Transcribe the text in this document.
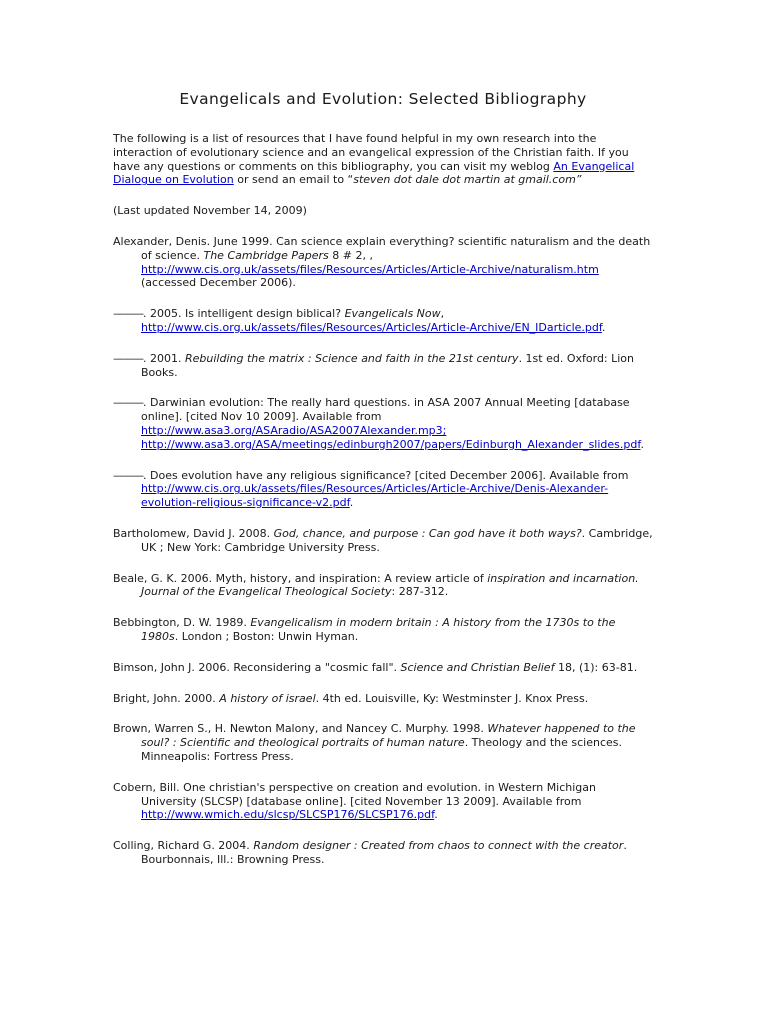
Evangelicals and Evolution: Selected Bibliography

The following is a list of resources that I have found helpful in my own research into the interaction of evolutionary science and an evangelical expression of the Christian faith. If you have any questions or comments on this bibliography, you can visit my weblog An Evangelical Dialogue on Evolution or send an email to “steven dot dale dot martin at gmail.com”

(Last updated November 14, 2009)

Alexander, Denis. June 1999. Can science explain everything? scientific naturalism and the death of science. The Cambridge Papers 8 # 2, , http://www.cis.org.uk/assets/files/Resources/Articles/Article-Archive/naturalism.htm (accessed December 2006).

———. 2005. Is intelligent design biblical? Evangelicals Now, http://www.cis.org.uk/assets/files/Resources/Articles/Article-Archive/EN_IDarticle.pdf.

———. 2001. Rebuilding the matrix : Science and faith in the 21st century. 1st ed. Oxford: Lion Books.

———. Darwinian evolution: The really hard questions. in ASA 2007 Annual Meeting [database online]. [cited Nov 10 2009]. Available from http://www.asa3.org/ASAradio/ASA2007Alexander.mp3; http://www.asa3.org/ASA/meetings/edinburgh2007/papers/Edinburgh_Alexander_slides.pdf.

———. Does evolution have any religious significance? [cited December 2006]. Available from http://www.cis.org.uk/assets/files/Resources/Articles/Article-Archive/Denis-Alexander-evolution-religious-significance-v2.pdf.

Bartholomew, David J. 2008. God, chance, and purpose : Can god have it both ways?. Cambridge, UK ; New York: Cambridge University Press.

Beale, G. K. 2006. Myth, history, and inspiration: A review article of inspiration and incarnation. Journal of the Evangelical Theological Society: 287-312.

Bebbington, D. W. 1989. Evangelicalism in modern britain : A history from the 1730s to the 1980s. London ; Boston: Unwin Hyman.

Bimson, John J. 2006. Reconsidering a "cosmic fall". Science and Christian Belief 18, (1): 63-81.

Bright, John. 2000. A history of israel. 4th ed. Louisville, Ky: Westminster J. Knox Press.

Brown, Warren S., H. Newton Malony, and Nancey C. Murphy. 1998. Whatever happened to the soul? : Scientific and theological portraits of human nature. Theology and the sciences. Minneapolis: Fortress Press.

Cobern, Bill. One christian's perspective on creation and evolution. in Western Michigan University (SLCSP) [database online]. [cited November 13 2009]. Available from http://www.wmich.edu/slcsp/SLCSP176/SLCSP176.pdf.

Colling, Richard G. 2004. Random designer : Created from chaos to connect with the creator. Bourbonnais, Ill.: Browning Press.
